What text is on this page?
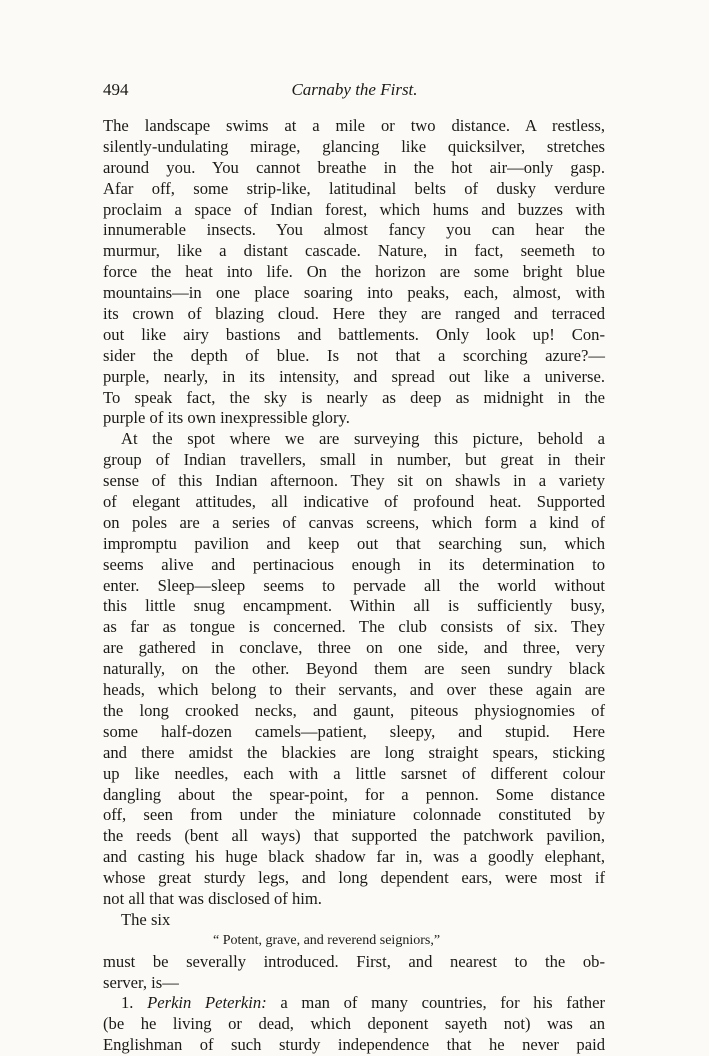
494	Carnaby the First.
The landscape swims at a mile or two distance. A restless,
silently-undulating mirage, glancing like quicksilver, stretches
around you. You cannot breathe in the hot air—only gasp.
Afar off, some strip-like, latitudinal belts of dusky verdure
proclaim a space of Indian forest, which hums and buzzes with
innumerable insects. You almost fancy you can hear the
murmur, like a distant cascade. Nature, in fact, seemeth to
force the heat into life. On the horizon are some bright blue
mountains—in one place soaring into peaks, each, almost, with
its crown of blazing cloud. Here they are ranged and terraced
out like airy bastions and battlements. Only look up! Con-
sider the depth of blue. Is not that a scorching azure?—
purple, nearly, in its intensity, and spread out like a universe.
To speak fact, the sky is nearly as deep as midnight in the
purple of its own inexpressible glory.
At the spot where we are surveying this picture, behold a
group of Indian travellers, small in number, but great in their
sense of this Indian afternoon. They sit on shawls in a variety
of elegant attitudes, all indicative of profound heat. Supported
on poles are a series of canvas screens, which form a kind of
impromptu pavilion and keep out that searching sun, which
seems alive and pertinacious enough in its determination to
enter. Sleep—sleep seems to pervade all the world without
this little snug encampment. Within all is sufficiently busy,
as far as tongue is concerned. The club consists of six. They
are gathered in conclave, three on one side, and three, very
naturally, on the other. Beyond them are seen sundry black
heads, which belong to their servants, and over these again are
the long crooked necks, and gaunt, piteous physiognomies of
some half-dozen camels—patient, sleepy, and stupid. Here
and there amidst the blackies are long straight spears, sticking
up like needles, each with a little sarsnet of different colour
dangling about the spear-point, for a pennon. Some distance
off, seen from under the miniature colonnade constituted by
the reeds (bent all ways) that supported the patchwork pavilion,
and casting his huge black shadow far in, was a goodly elephant,
whose great sturdy legs, and long dependent ears, were most if
not all that was disclosed of him.
The six
“ Potent, grave, and reverend seigniors,”
must be severally introduced. First, and nearest to the ob-
server, is—
1. Perkin Peterkin: a man of many countries, for his father
(be he living or dead, which deponent sayeth not) was an
Englishman of such sturdy independence that he never paid
